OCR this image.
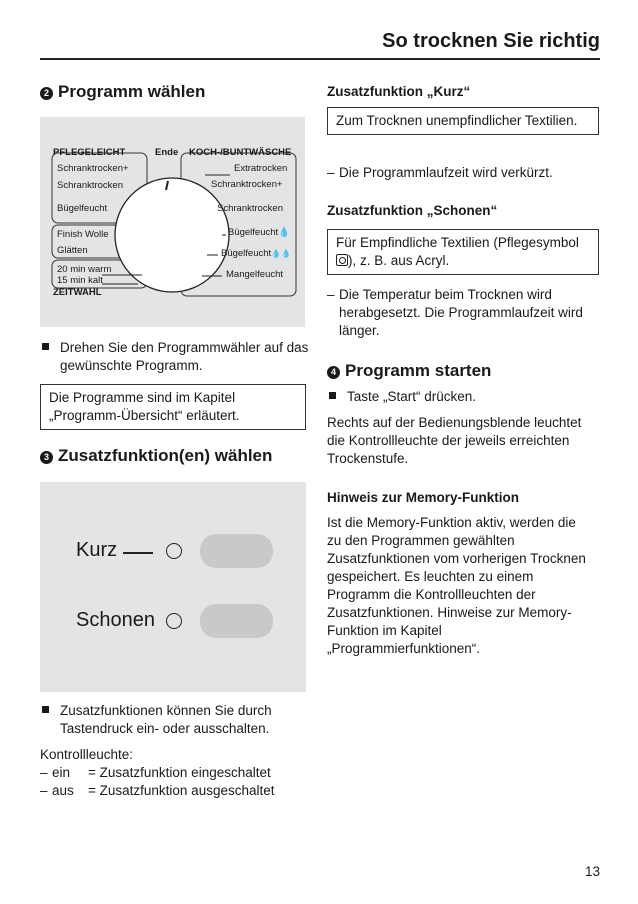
So trocknen Sie richtig
2 Programm wählen
PFLEGELEICHT	Ende KOCH-/BUNTWÄSCHE
Schranktrocken+
Schranktrocken
Bügelfeucht
Finish Wolle
Glätten
20 min warm
15 min kalt
ZEITWAHL
Extratrocken
Schranktrocken+
Schranktrocken
Bügelfeucht💧
Bügelfeucht💧💧
Mangelfeucht
Drehen Sie den Programmwähler auf das gewünschte Programm.
Die Programme sind im Kapitel „Programm-Übersicht“ erläutert.
3 Zusatzfunktion(en) wählen
Kurz
Schonen
Zusatzfunktionen können Sie durch Tastendruck ein- oder ausschalten.
Kontrollleuchte:
– ein = Zusatzfunktion eingeschaltet
– aus = Zusatzfunktion ausgeschaltet
Zusatzfunktion „Kurz“
Zum Trocknen unempfindlicher Textilien.
– Die Programmlaufzeit wird verkürzt.
Zusatzfunktion „Schonen“
Für Empfindliche Textilien (Pflegesymbol
), z. B. aus Acryl.
– Die Temperatur beim Trocknen wird herabgesetzt. Die Programmlaufzeit wird länger.
4 Programm starten
Taste „Start“ drücken.
Rechts auf der Bedienungsblende leuchtet die Kontrollleuchte der jeweils erreichten Trockenstufe.
Hinweis zur Memory-Funktion
Ist die Memory-Funktion aktiv, werden die zu den Programmen gewählten Zusatzfunktionen vom vorherigen Trocknen gespeichert. Es leuchten zu einem Programm die Kontrollleuchten der Zusatzfunktionen. Hinweise zur Memory-Funktion im Kapitel „Programmierfunktionen“.
13
